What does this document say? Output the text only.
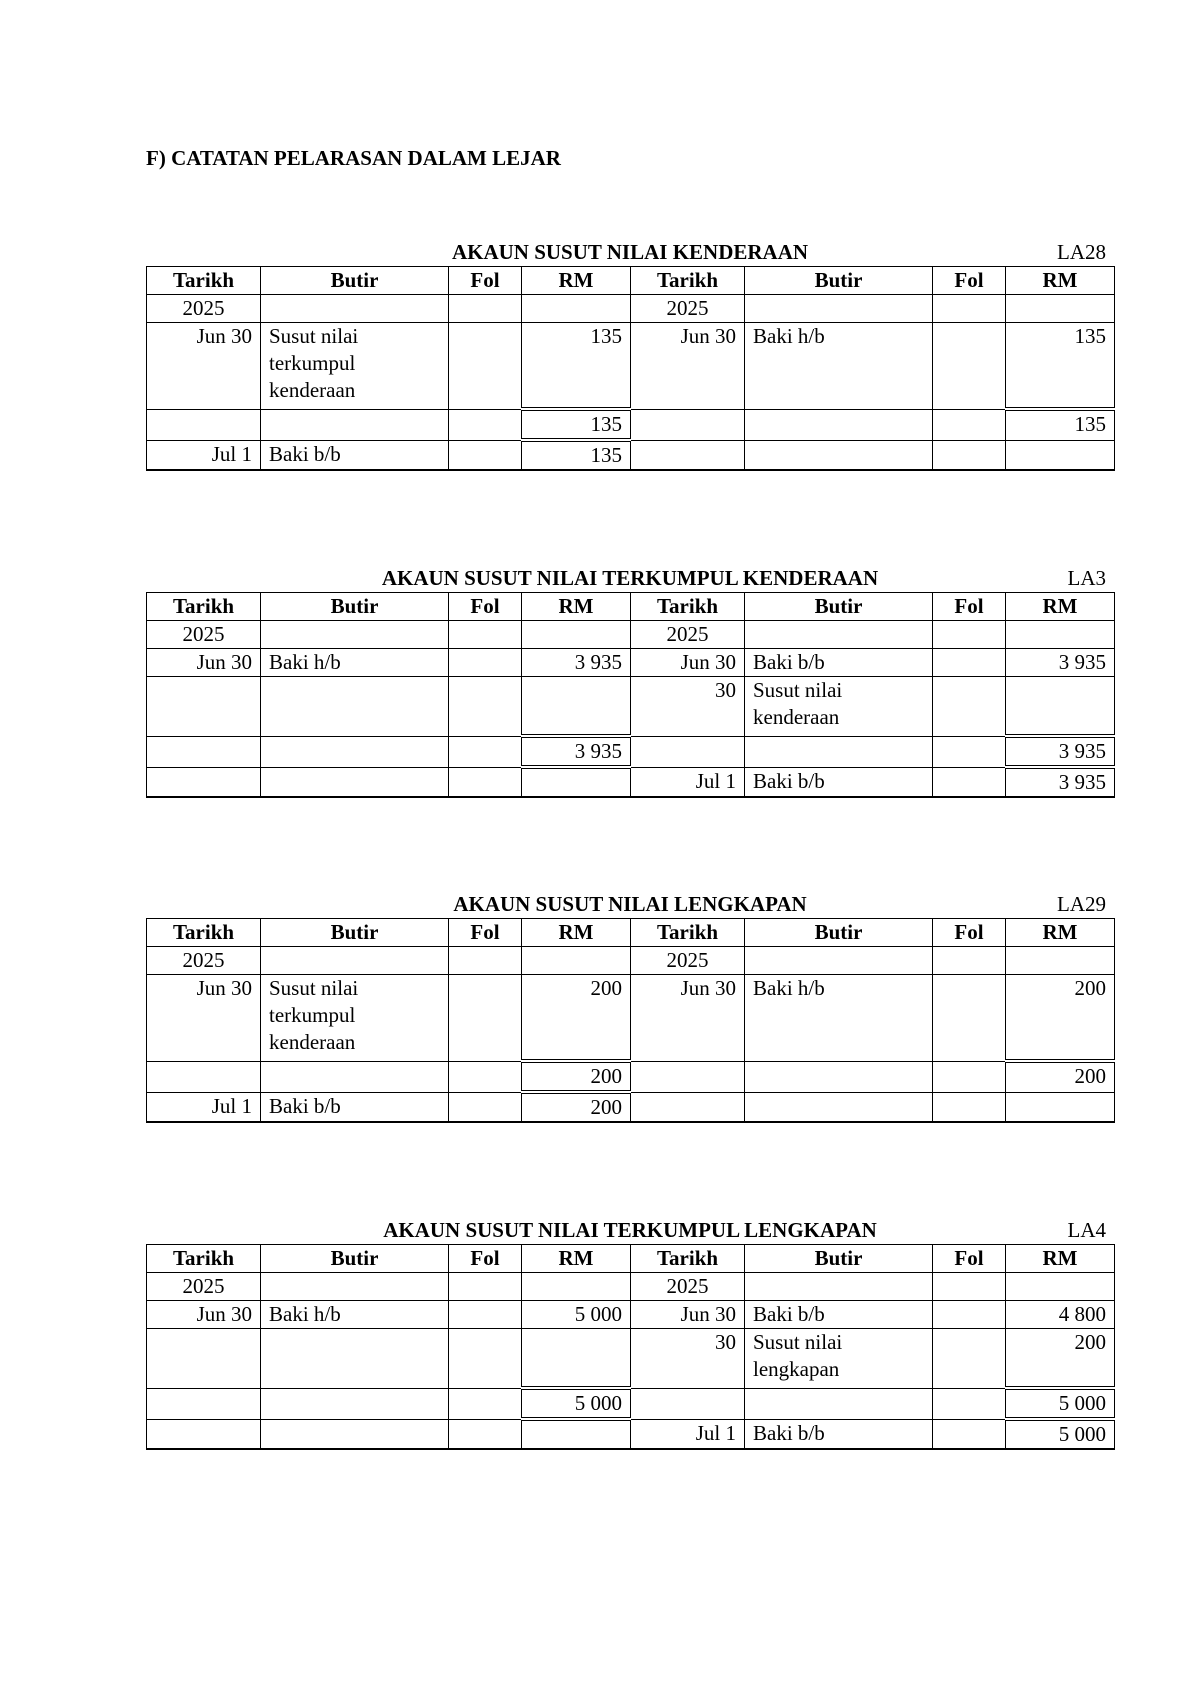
F) CATATAN PELARASAN DALAM LEJAR
AKAUN SUSUT NILAI KENDERAAN	LA28
Tarikh	Butir	Fol	RM	Tarikh	Butir	Fol	RM
2025				2025			
Jun 30	Susut nilai terkumpul kenderaan		135	Jun 30	Baki h/b		135
			135				135
Jul 1	Baki b/b		135				
AKAUN SUSUT NILAI TERKUMPUL KENDERAAN	LA3
Tarikh	Butir	Fol	RM	Tarikh	Butir	Fol	RM
2025				2025			
Jun 30	Baki h/b		3 935	Jun 30	Baki b/b		3 935
				30	Susut nilai kenderaan		

			3 935				3 935
				Jul 1	Baki b/b		3 935
AKAUN SUSUT NILAI LENGKAPAN	LA29
Tarikh	Butir	Fol	RM	Tarikh	Butir	Fol	RM
2025				2025			
Jun 30	Susut nilai terkumpul kenderaan		200	Jun 30	Baki h/b		200
			200				200
Jul 1	Baki b/b		200				
AKAUN SUSUT NILAI TERKUMPUL LENGKAPAN	LA4
Tarikh	Butir	Fol	RM	Tarikh	Butir	Fol	RM
2025				2025			
Jun 30	Baki h/b		5 000	Jun 30	Baki b/b		4 800
				30	Susut nilai lengkapan		200
			5 000				5 000
				Jul 1	Baki b/b		5 000
